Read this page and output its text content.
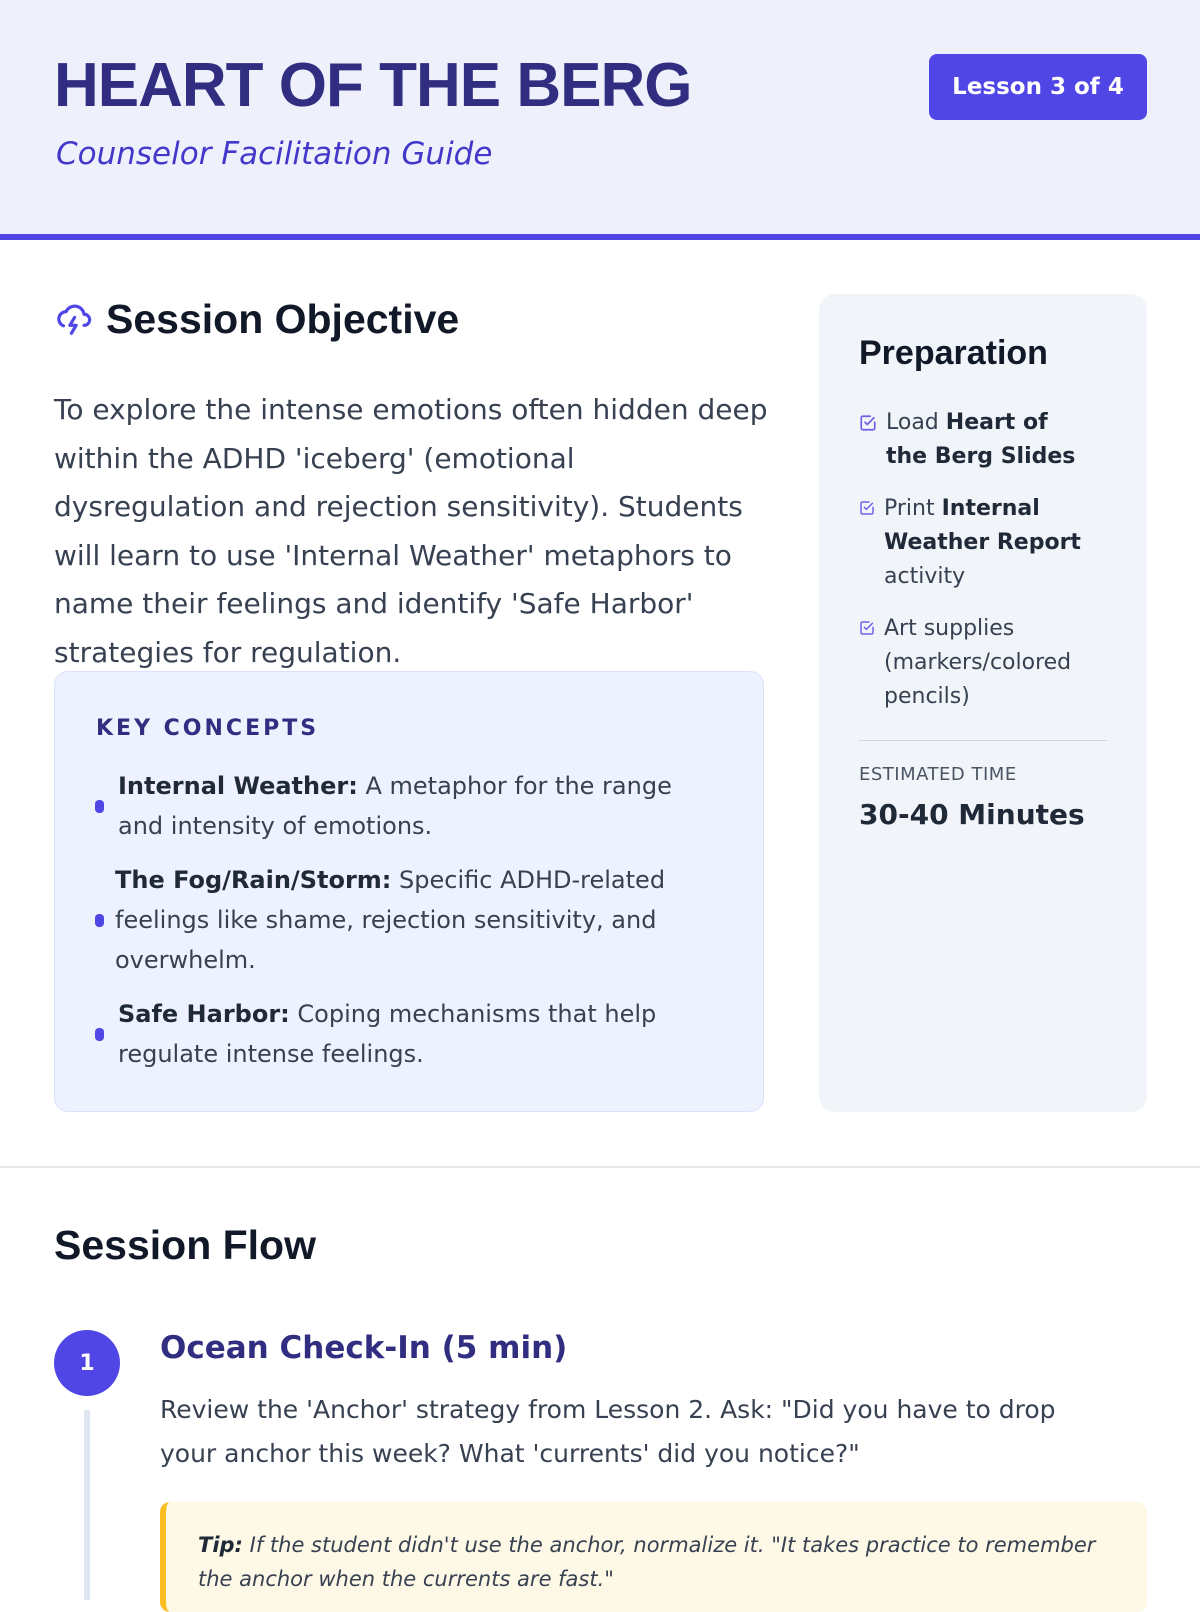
HEART OF THE BERG
Counselor Facilitation Guide
Lesson 3 of 4
Session Objective
To explore the intense emotions often hidden deep within the ADHD 'iceberg' (emotional dysregulation and rejection sensitivity). Students will learn to use 'Internal Weather' metaphors to name their feelings and identify 'Safe Harbor' strategies for regulation.
KEY CONCEPTS
Internal Weather: A metaphor for the range and intensity of emotions.
The Fog/Rain/Storm: Specific ADHD-related feelings like shame, rejection sensitivity, and overwhelm.
Safe Harbor: Coping mechanisms that help regulate intense feelings.
Preparation
Load Heart of the Berg Slides
Print Internal Weather Report activity
Art supplies (markers/colored pencils)
ESTIMATED TIME
30-40 Minutes
Session Flow
1	Ocean Check-In (5 min)
Review the 'Anchor' strategy from Lesson 2. Ask: "Did you have to drop your anchor this week? What 'currents' did you notice?"
Tip: If the student didn't use the anchor, normalize it. "It takes practice to remember the anchor when the currents are fast."
